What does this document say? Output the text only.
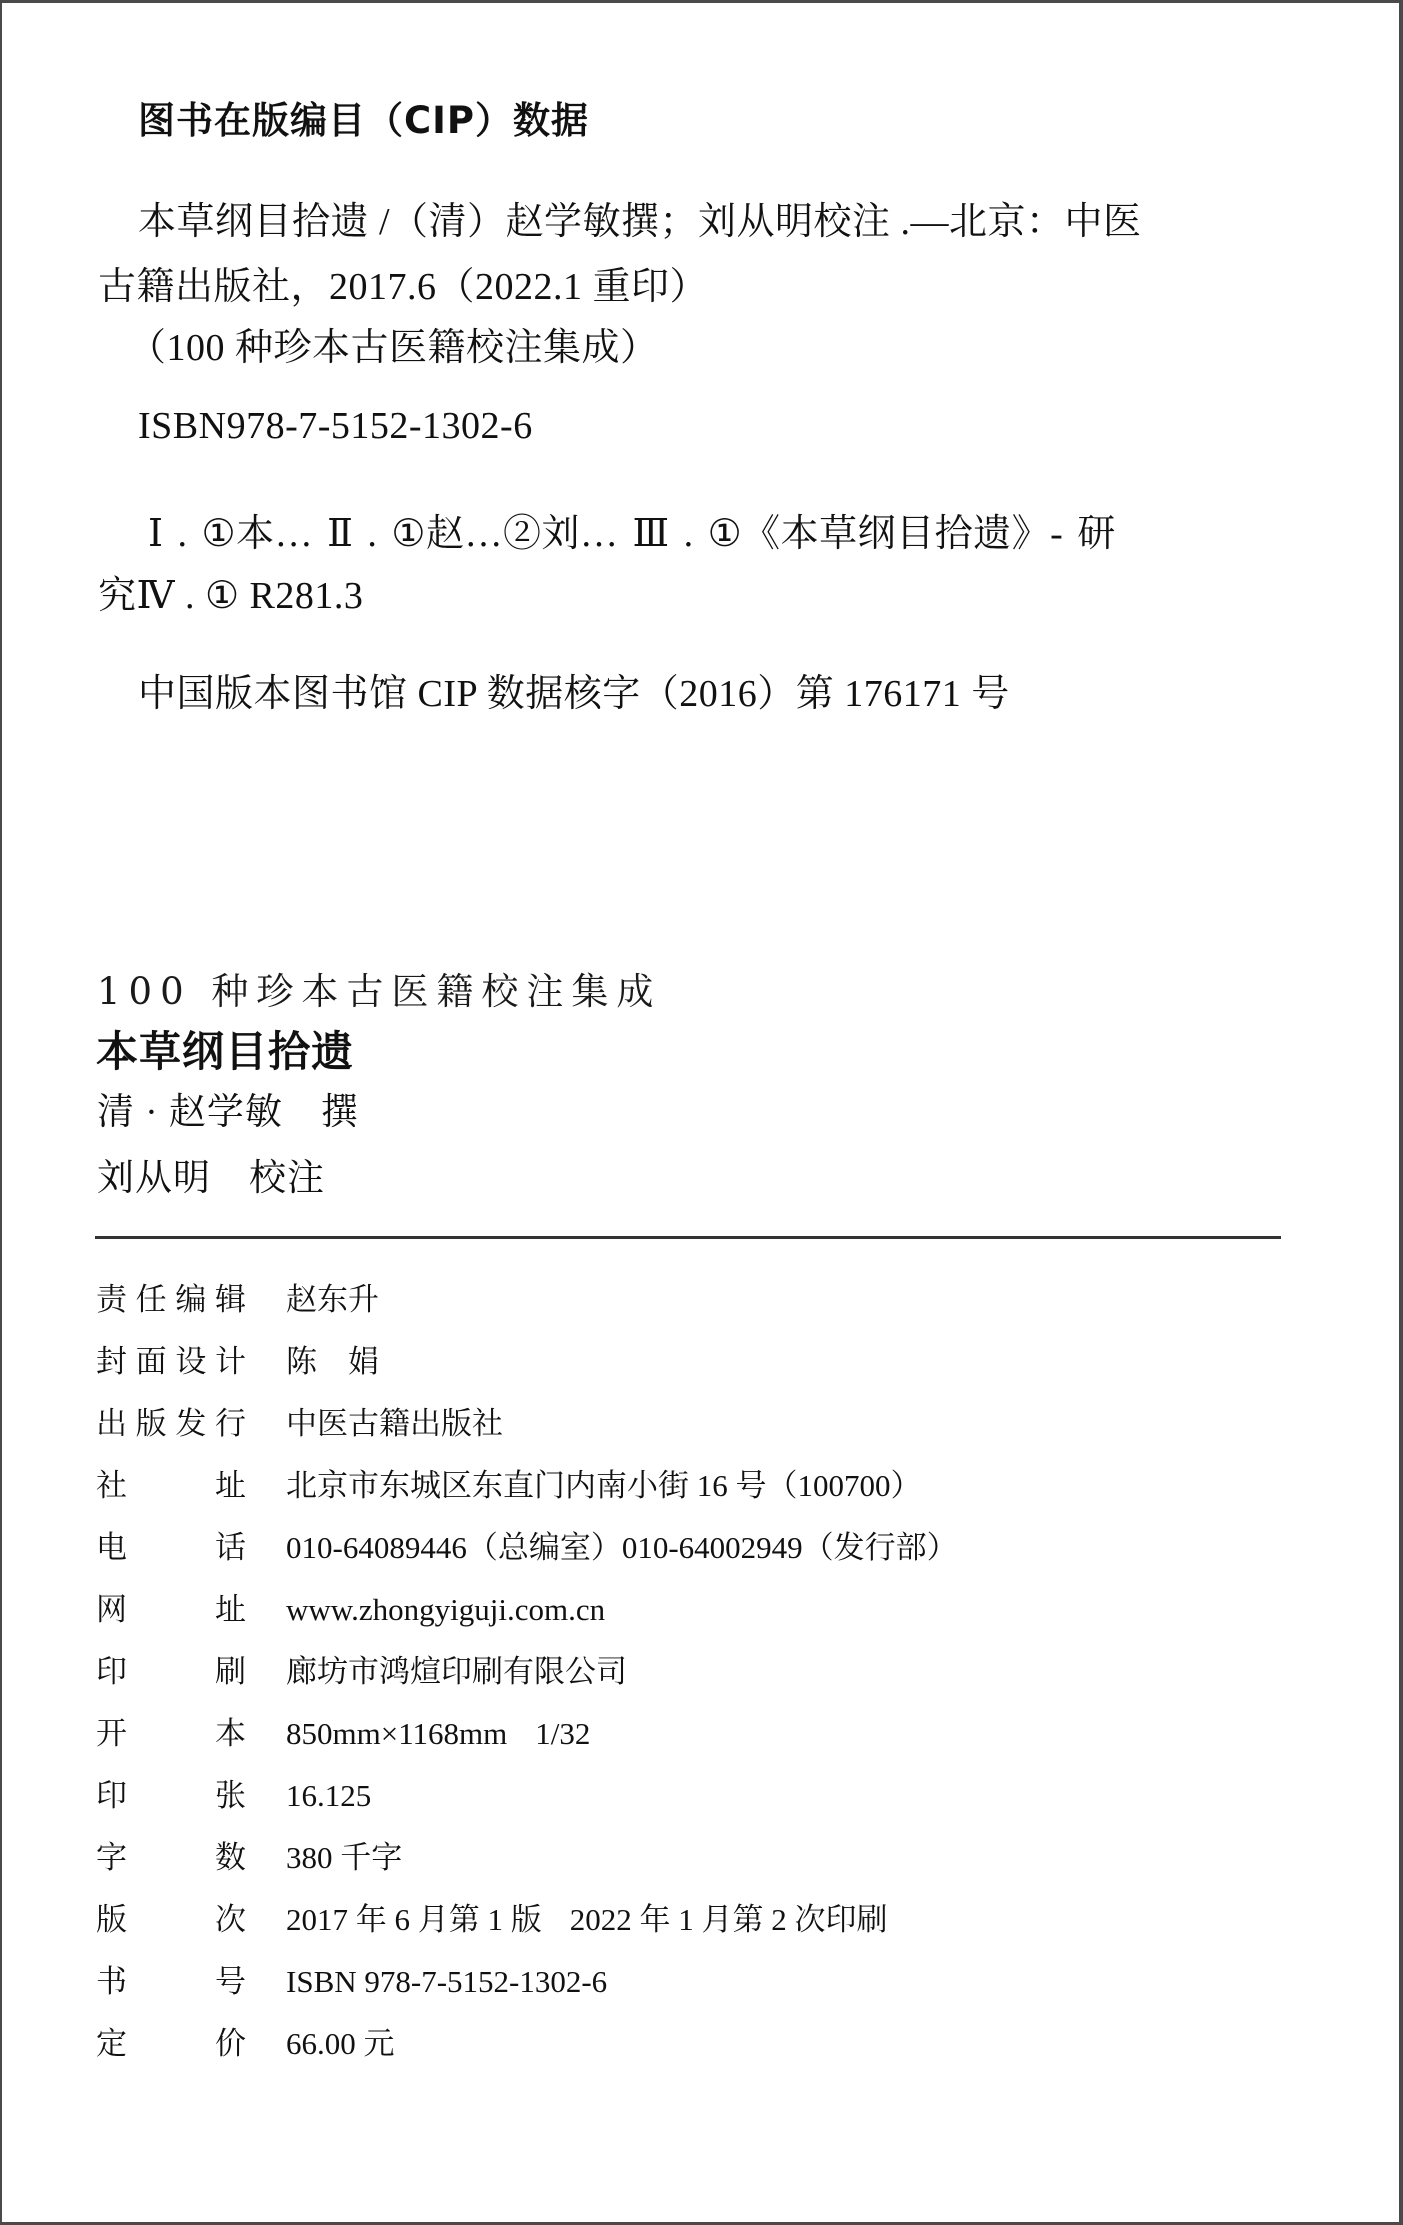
图书在版编目（CIP）数据
本草纲目拾遗 /（清）赵学敏撰；刘从明校注 .—北京：中医
古籍出版社，2017.6（2022.1 重印）
（100 种珍本古医籍校注集成）
ISBN978-7-5152-1302-6
Ⅰ . ①本… Ⅱ . ①赵…②刘… Ⅲ . ①《本草纲目拾遗》- 研
究Ⅳ . ① R281.3
中国版本图书馆 CIP 数据核字（2016）第 176171 号
100 种珍本古医籍校注集成
本草纲目拾遗
清 · 赵学敏 撰
刘从明 校注
责 任 编 辑 赵东升
封 面 设 计 陈　娟
出 版 发 行 中医古籍出版社
社	址 北京市东城区东直门内南小街 16 号（100700）
电	话 010-64089446（总编室）010-64002949（发行部）
网	址 www.zhongyiguji.com.cn
印	刷 廊坊市鸿煊印刷有限公司
开	本 850mm×1168mm 1/32
印	张 16.125
字	数 380 千字
版	次 2017 年 6 月第 1 版 2022 年 1 月第 2 次印刷
书	号 ISBN 978-7-5152-1302-6
定	价 66.00 元
